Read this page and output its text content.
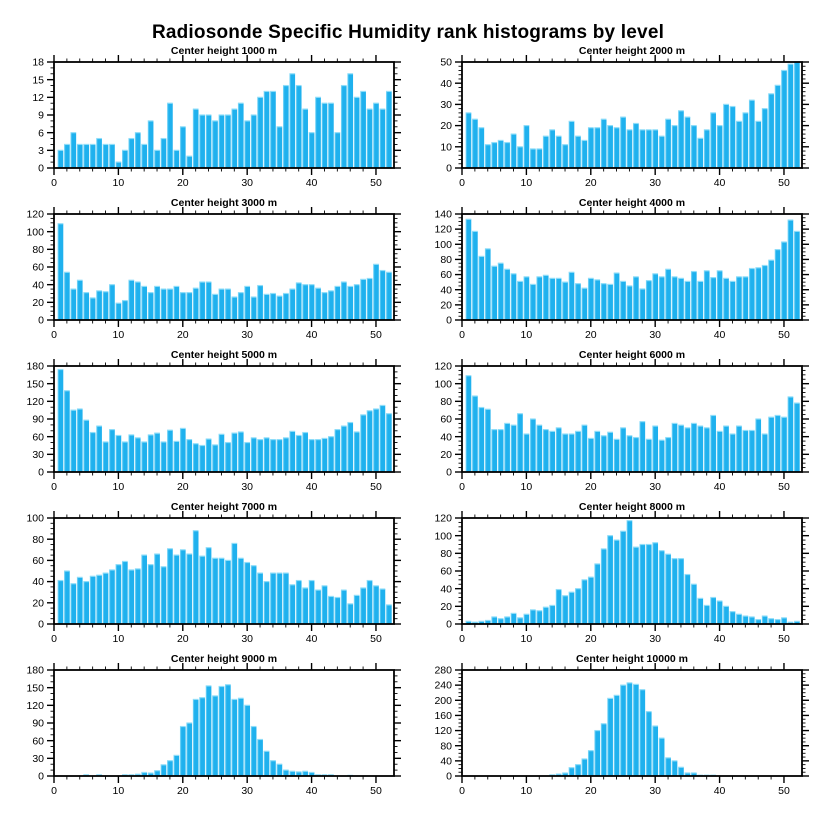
Radiosonde Specific Humidity rank histograms by level
Center height 1000 m
0	10	20	30	40	50
0
3
6
9
12
15
18
Center height 2000 m
0	10	20	30	40	50
0
10
20
30
40
50
Center height 3000 m
0	10	20	30	40	50
0
20
40
60
80
100
120
Center height 4000 m
0	10	20	30	40	50
0
20
40
60
80
100
120
140
Center height 5000 m
0	10	20	30	40	50
0
30
60
90
120
150
180
Center height 6000 m
0	10	20	30	40	50
0
20
40
60
80
100
120
Center height 7000 m
0	10	20	30	40	50
0
20
40
60
80
100
Center height 8000 m
0	10	20	30	40	50
0
20
40
60
80
100
120
Center height 9000 m
0	10	20	30	40	50
0
30
60
90
120
150
180
Center height 10000 m
0	10	20	30	40	50
0
40
80
120
160
200
240
280
